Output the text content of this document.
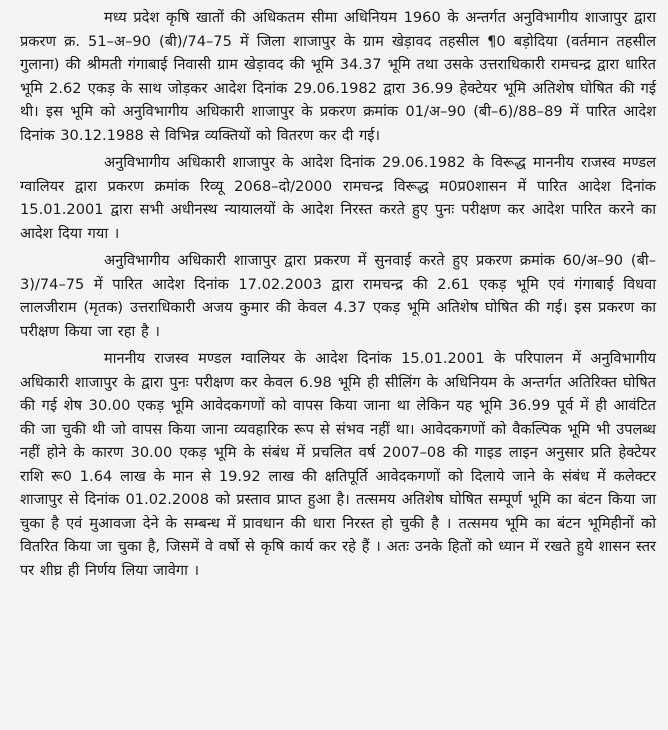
मध्य प्रदेश कृषि खातों की अधिकतम सीमा अधिनियम 1960 के अन्तर्गत अनुविभागीय शाजापुर द्वारा प्रकरण क्र. 51–अ–90 (बी)/74–75 में जिला शाजापुर के ग्राम खेड़ावद तहसील ¶0 बड़ोदिया (वर्तमान तहसील गुलाना) की श्रीमती गंगाबाई निवासी ग्राम खेड़ावद की भूमि 34.37 भूमि तथा उसके उत्तराधिकारी रामचन्द्र द्वारा धारित भूमि 2.62 एकड़ के साथ जोड़कर आदेश दिनांक 29.06.1982 द्वारा 36.99 हेक्टेयर भूमि अतिशेष घोषित की गई थी। इस भूमि को अनुविभागीय अधिकारी शाजापुर के प्रकरण क्रमांक 01/अ–90 (बी–6)/88–89 में पारित आदेश दिनांक 30.12.1988 से विभिन्न व्यक्तियों को वितरण कर दी गई।

अनुविभागीय अधिकारी शाजापुर के आदेश दिनांक 29.06.1982 के विरूद्ध माननीय राजस्व मण्डल ग्वालियर द्वारा प्रकरण क्रमांक रिव्यू 2068–दो/2000 रामचन्द्र विरूद्ध म0प्र0शासन में पारित आदेश दिनांक 15.01.2001 द्वारा सभी अधीनस्थ न्यायालयों के आदेश निरस्त करते हुए पुनः परीक्षण कर आदेश पारित करने का आदेश दिया गया ।

अनुविभागीय अधिकारी शाजापुर द्वारा प्रकरण में सुनवाई करते हुए प्रकरण क्रमांक 60/अ–90 (बी–3)/74–75 में पारित आदेश दिनांक 17.02.2003 द्वारा रामचन्द्र की 2.61 एकड़ भूमि एवं गंगाबाई विधवा लालजीराम (मृतक) उत्तराधिकारी अजय कुमार की केवल 4.37 एकड़ भूमि अतिशेष घोषित की गई। इस प्रकरण का परीक्षण किया जा रहा है ।

माननीय राजस्व मण्डल ग्वालियर के आदेश दिनांक 15.01.2001 के परिपालन में अनुविभागीय अधिकारी शाजापुर के द्वारा पुनः परीक्षण कर केवल 6.98 भूमि ही सीलिंग के अधिनियम के अन्तर्गत अतिरिक्त घोषित की गई शेष 30.00 एकड़ भूमि आवेदकगणों को वापस किया जाना था लेकिन यह भूमि 36.99 पूर्व में ही आवंटित की जा चुकी थी जो वापस किया जाना व्यवहारिक रूप से संभव नहीं था। आवेदकगणों को वैकल्पिक भूमि भी उपलब्ध नहीं होने के कारण 30.00 एकड़ भूमि के संबंध में प्रचलित वर्ष 2007–08 की गाइड लाइन अनुसार प्रति हेक्टेयर राशि रू0 1.64 लाख के मान से 19.92 लाख की क्षतिपूर्ति आवेदकगणों को दिलाये जाने के संबंध में कलेक्टर शाजापुर से दिनांक 01.02.2008 को प्रस्ताव प्राप्त हुआ है। तत्समय अतिशेष घोषित सम्पूर्ण भूमि का बंटन किया जा चुका है एवं मुआवजा देने के सम्बन्ध में प्रावधान की धारा निरस्त हो चुकी है । तत्समय भूमि का बंटन भूमिहीनों को वितरित किया जा चुका है, जिसमें वे वर्षो से कृषि कार्य कर रहे हैं । अतः उनके हितों को ध्यान में रखते हुये शासन स्तर पर शीघ्र ही निर्णय लिया जावेगा ।
